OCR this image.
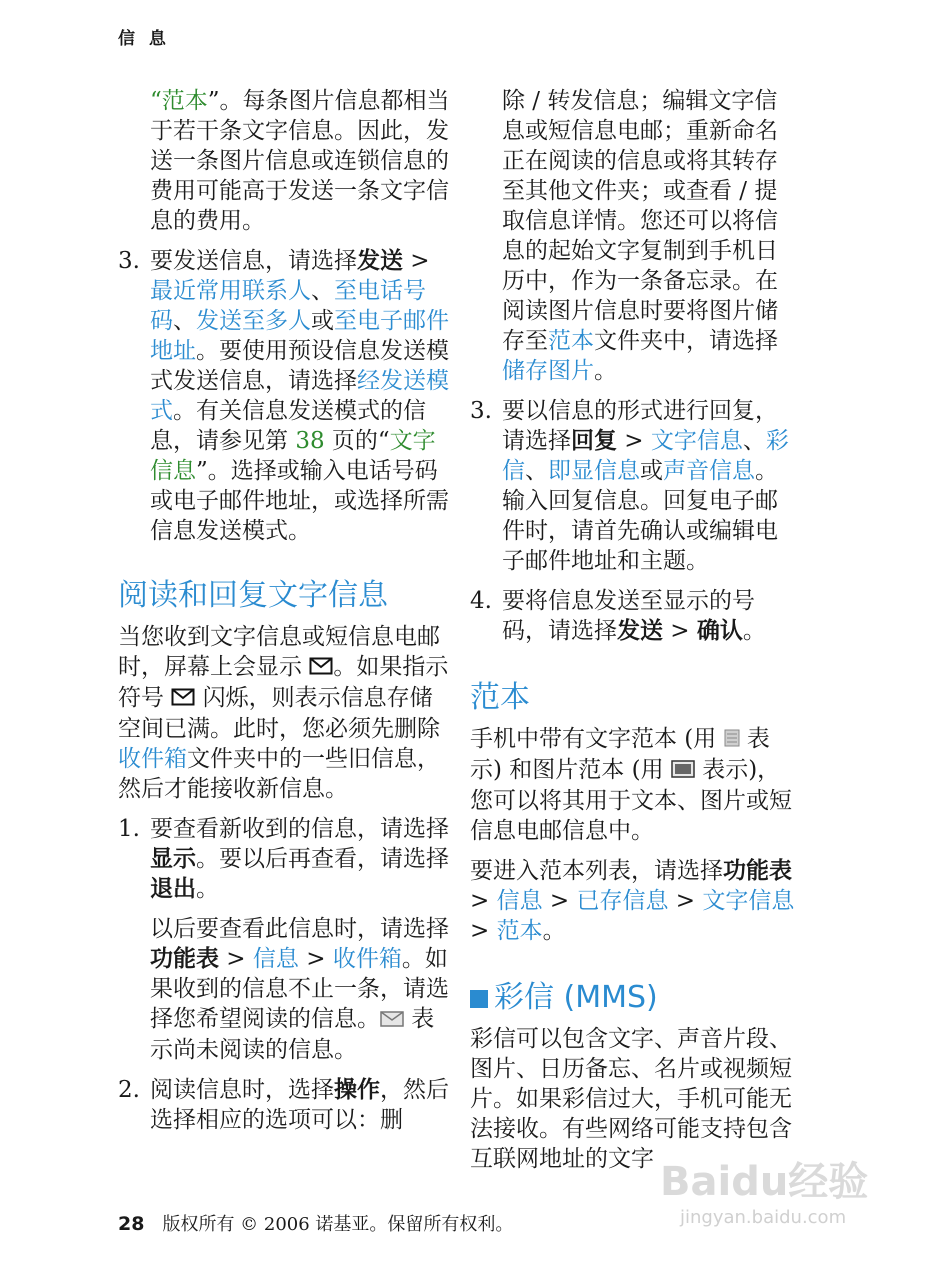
信 息

“范本”。每条图片信息都相当于若干条文字信息。因此，发送一条图片信息或连锁信息的费用可能高于发送一条文字信息的费用。

3. 要发送信息，请选择发送 > 最近常用联系人、至电话号码、发送至多人或至电子邮件地址。要使用预设信息发送模式发送信息，请选择经发送模式。有关信息发送模式的信息，请参见第 38 页的“文字信息”。选择或输入电话号码或电子邮件地址，或选择所需信息发送模式。
阅读和回复文字信息

当您收到文字信息或短信息电邮时，屏幕上会显示 。如果指示符号  闪烁，则表示信息存储空间已满。此时，您必须先删除收件箱文件夹中的一些旧信息，然后才能接收新信息。

1. 要查看新收到的信息，请选择显示。要以后再查看，请选择退出。

以后要查看此信息时，请选择功能表 > 信息 > 收件箱。如果收到的信息不止一条，请选择您希望阅读的信息。 表示尚未阅读的信息。

2. 阅读信息时，选择操作，然后选择相应的选项可以：删

除 / 转发信息；编辑文字信息或短信息电邮；重新命名正在阅读的信息或将其转存至其他文件夹；或查看 / 提取信息详情。您还可以将信息的起始文字复制到手机日历中，作为一条备忘录。在阅读图片信息时要将图片储存至范本文件夹中，请选择储存图片。

3. 要以信息的形式进行回复，请选择回复 > 文字信息、彩信、即显信息或声音信息。输入回复信息。回复电子邮件时，请首先确认或编辑电子邮件地址和主题。
4. 要将信息发送至显示的号码，请选择发送 > 确认。
范本

手机中带有文字范本 (用  表示) 和图片范本 (用  表示)，您可以将其用于文本、图片或短信息电邮信息中。

要进入范本列表，请选择功能表 > 信息 > 已存信息 > 文字信息 > 范本。

彩信 (MMS)

彩信可以包含文字、声音片段、图片、日历备忘、名片或视频短片。如果彩信过大，手机可能无法接收。有些网络可能支持包含互联网地址的文字

28 版权所有 © 2006 诺基亚。保留所有权利。
Baidu经验
jingyan.baidu.com
